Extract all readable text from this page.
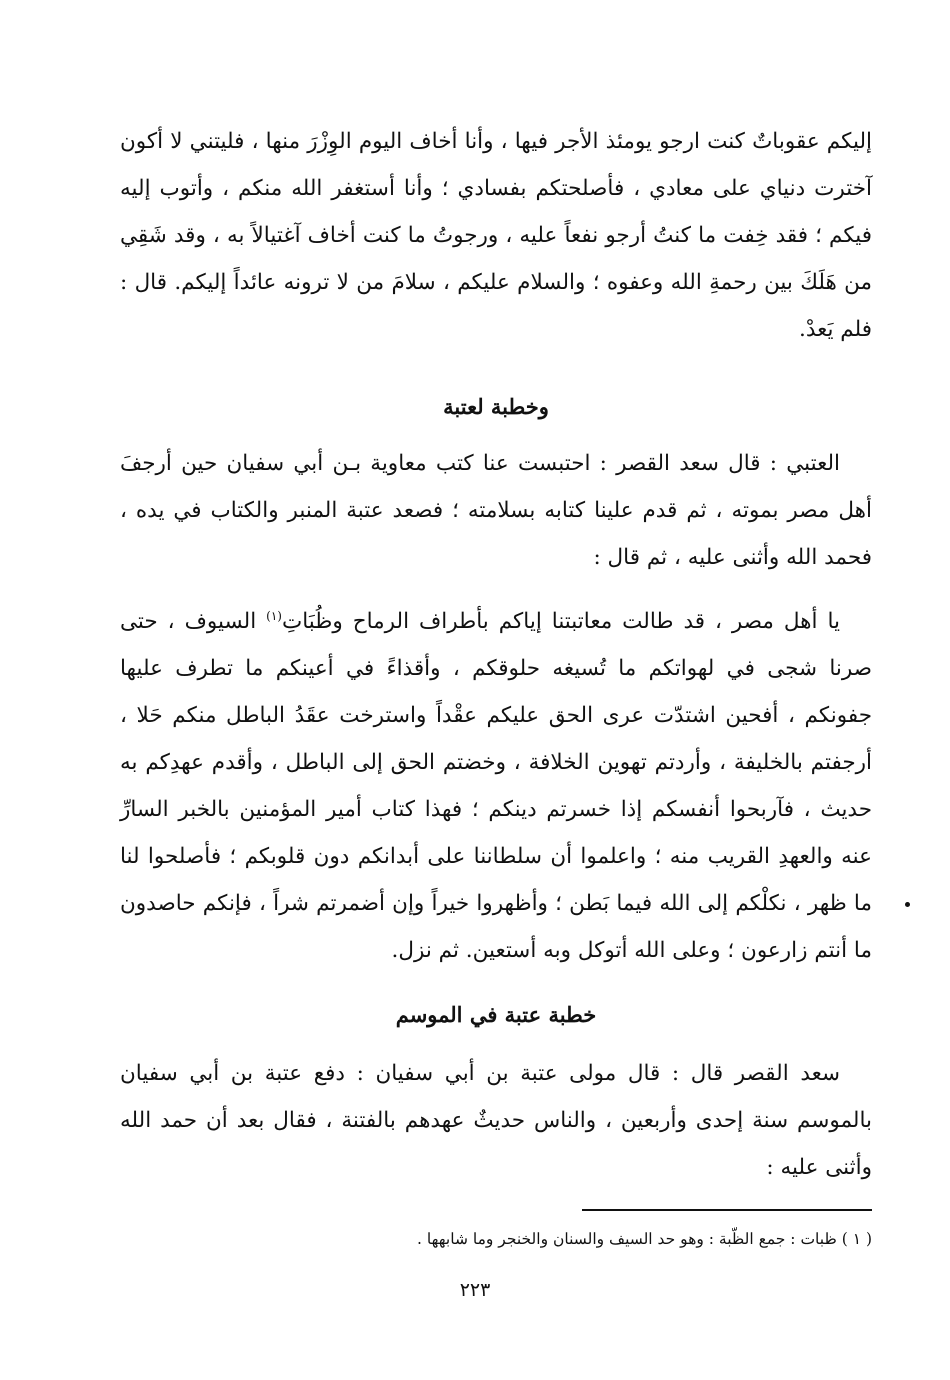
إليكم عقوباتٌ كنت ارجو يومئذ الأجر فيها ، وأنا أخاف اليوم الوِزْرَ منها ، فليتني لا أكون آخترت دنياي على معادي ، فأصلحتكم بفسادي ؛ وأنا أستغفر الله منكم ، وأتوب إليه فيكم ؛ فقد خِفت ما كنتُ أرجو نفعاً عليه ، ورجوتُ ما كنت أخاف آغتيالاً به ، وقد شَقِي من هَلَكَ بين رحمةِ الله وعفوه ؛ والسلام عليكم ، سلامَ من لا ترونه عائداً إليكم. قال : فلم يَعدْ.

وخطبة لعتبة

العتبي : قال سعد القصر : احتبست عنا كتب معاوية بـن أبي سفيان حين أرجفَ أهل مصر بموته ، ثم قدم علينا كتابه بسلامته ؛ فصعد عتبة المنبر والكتاب في يده ، فحمد الله وأثنى عليه ، ثم قال :

يا أهل مصر ، قد طالت معاتبتنا إياكم بأطراف الرماح وظُبَاتِ$^{(١)}$ السيوف ، حتى صرنا شجى في لهواتكم ما تُسيغه حلوقكم ، وأقذاءً في أعينكم ما تطرف عليها جفونكم ، أفحين اشتدّت عرى الحق عليكم عقْداً واسترخت عقَدُ الباطل منكم حَلا ، أرجفتم بالخليفة ، وأردتم تهوين الخلافة ، وخضتم الحق إلى الباطل ، وأقدم عهدِكم به حديث ، فآربحوا أنفسكم إذا خسرتم دينكم ؛ فهذا كتاب أمير المؤمنين بالخبر السارِّ عنه والعهدِ القريب منه ؛ واعلموا أن سلطاننا على أبدانكم دون قلوبكم ؛ فأصلحوا لنا ما ظهر ، نكلْكم إلى الله فيما بَطن ؛ وأظهروا خيراً وإن أضمرتم شراً ، فإنكم حاصدون ما أنتم زارعون ؛ وعلى الله أتوكل وبه أستعين. ثم نزل.

خطبة عتبة في الموسم

سعد القصر قال : قال مولى عتبة بن أبي سفيان : دفع عتبة بن أبي سفيان بالموسم سنة إحدى وأربعين ، والناس حديثٌ عهدهم بالفتنة ، فقال بعد أن حمد الله وأثنى عليه :

( ١ ) ظبات : جمع الظّبة : وهو حد السيف والسنان والخنجر وما شابهها .
٢٢٣
